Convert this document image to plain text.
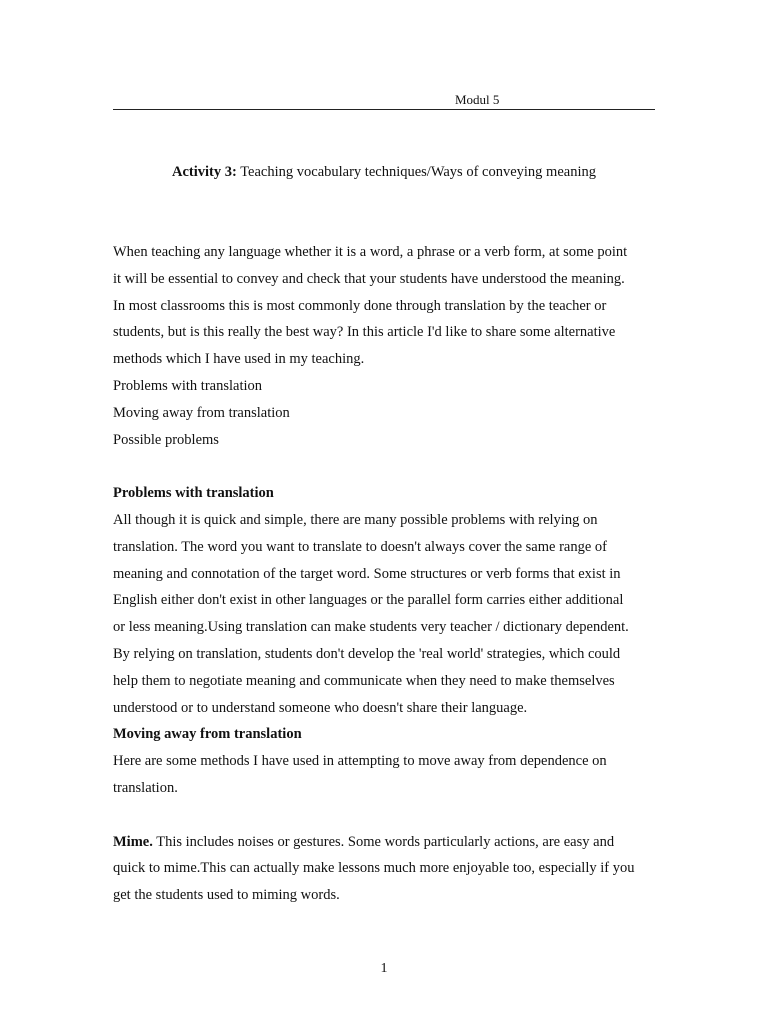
Modul 5
Activity 3: Teaching vocabulary techniques/Ways of conveying meaning

When teaching any language whether it is a word, a phrase or a verb form, at some point

it will be essential to convey and check that your students have understood the meaning.

In most classrooms this is most commonly done through translation by the teacher or

students, but is this really the best way? In this article I'd like to share some alternative

methods which I have used in my teaching.

Problems with translation

Moving away from translation

Possible problems

Problems with translation

All though it is quick and simple, there are many possible problems with relying on

translation. The word you want to translate to doesn't always cover the same range of

meaning and connotation of the target word. Some structures or verb forms that exist in

English either don't exist in other languages or the parallel form carries either additional

or less meaning.Using translation can make students very teacher / dictionary dependent.

By relying on translation, students don't develop the 'real world' strategies, which could

help them to negotiate meaning and communicate when they need to make themselves

understood or to understand someone who doesn't share their language.

Moving away from translation

Here are some methods I have used in attempting to move away from dependence on

translation.

Mime. This includes noises or gestures. Some words particularly actions, are easy and

quick to mime.This can actually make lessons much more enjoyable too, especially if you

get the students used to miming words.

1
